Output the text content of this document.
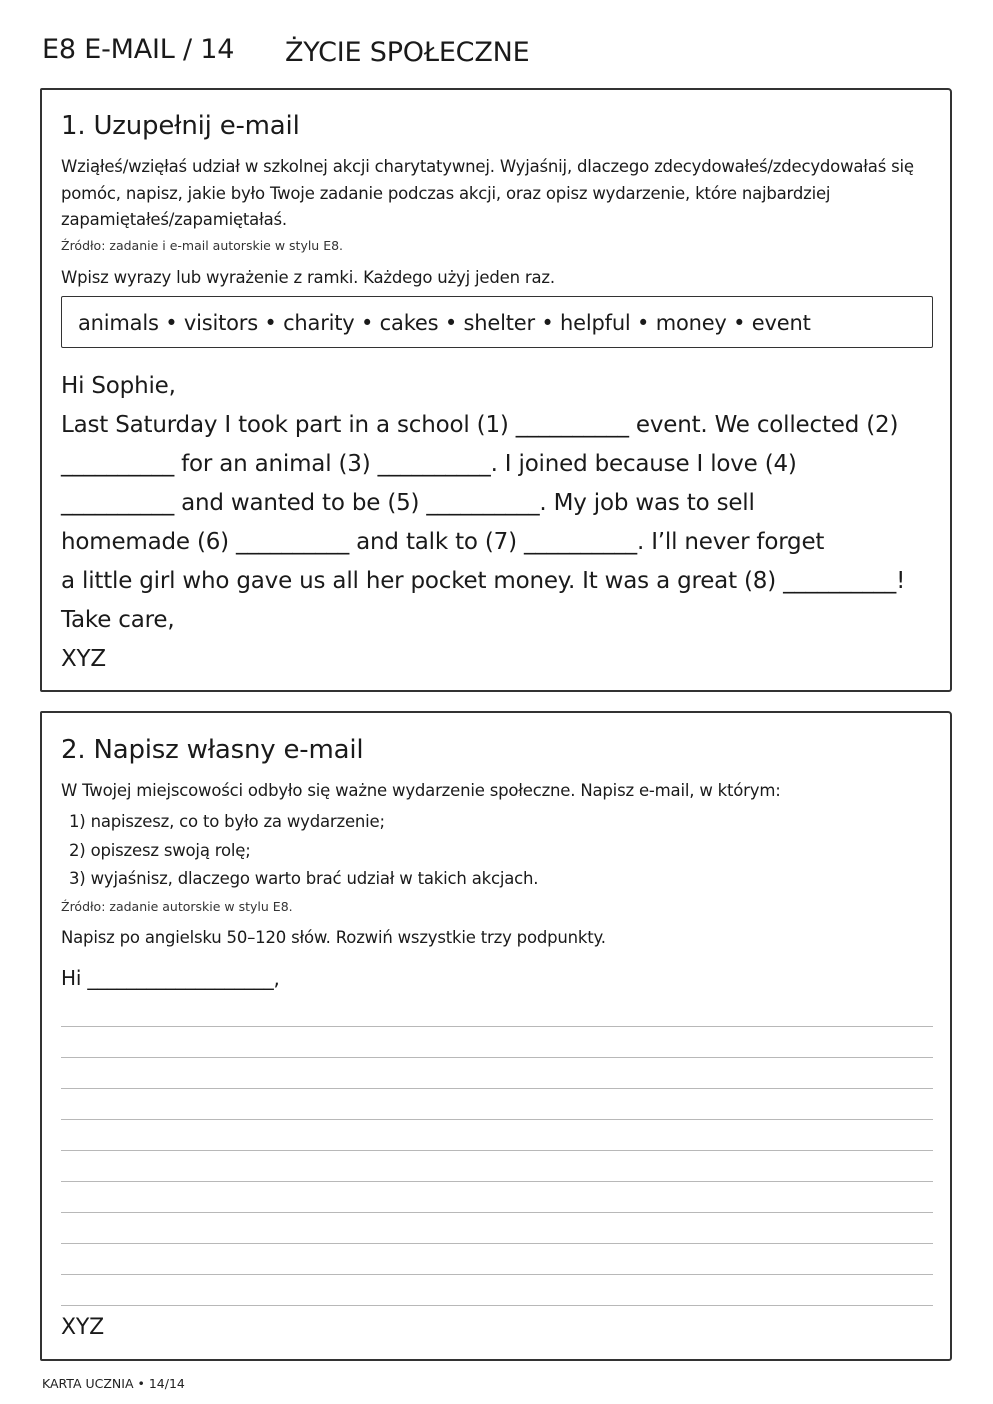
E8 E-MAIL / 14 ŻYCIE SPOŁECZNE
1. Uzupełnij e-mail
Wziąłeś/wzięłaś udział w szkolnej akcji charytatywnej. Wyjaśnij, dlaczego zdecydowałeś/zdecydowałaś się pomóc, napisz, jakie było Twoje zadanie podczas akcji, oraz opisz wydarzenie, które najbardziej zapamiętałeś/zapamiętałaś.
Źródło: zadanie i e-mail autorskie w stylu E8.
Wpisz wyrazy lub wyrażenie z ramki. Każdego użyj jeden raz.
animals • visitors • charity • cakes • shelter • helpful • money • event
Hi Sophie,
Last Saturday I took part in a school (1) __________ event. We collected (2)
__________ for an animal (3) __________. I joined because I love (4)
__________ and wanted to be (5) __________. My job was to sell
homemade (6) __________ and talk to (7) __________. I’ll never forget
a little girl who gave us all her pocket money. It was a great (8) __________!
Take care,
XYZ
2. Napisz własny e-mail
W Twojej miejscowości odbyło się ważne wydarzenie społeczne. Napisz e-mail, w którym:
1) napiszesz, co to było za wydarzenie;
2) opiszesz swoją rolę;
3) wyjaśnisz, dlaczego warto brać udział w takich akcjach.
Źródło: zadanie autorskie w stylu E8.
Napisz po angielsku 50–120 słów. Rozwiń wszystkie trzy podpunkty.
Hi ___________________,
XYZ
KARTA UCZNIA • 14/14
